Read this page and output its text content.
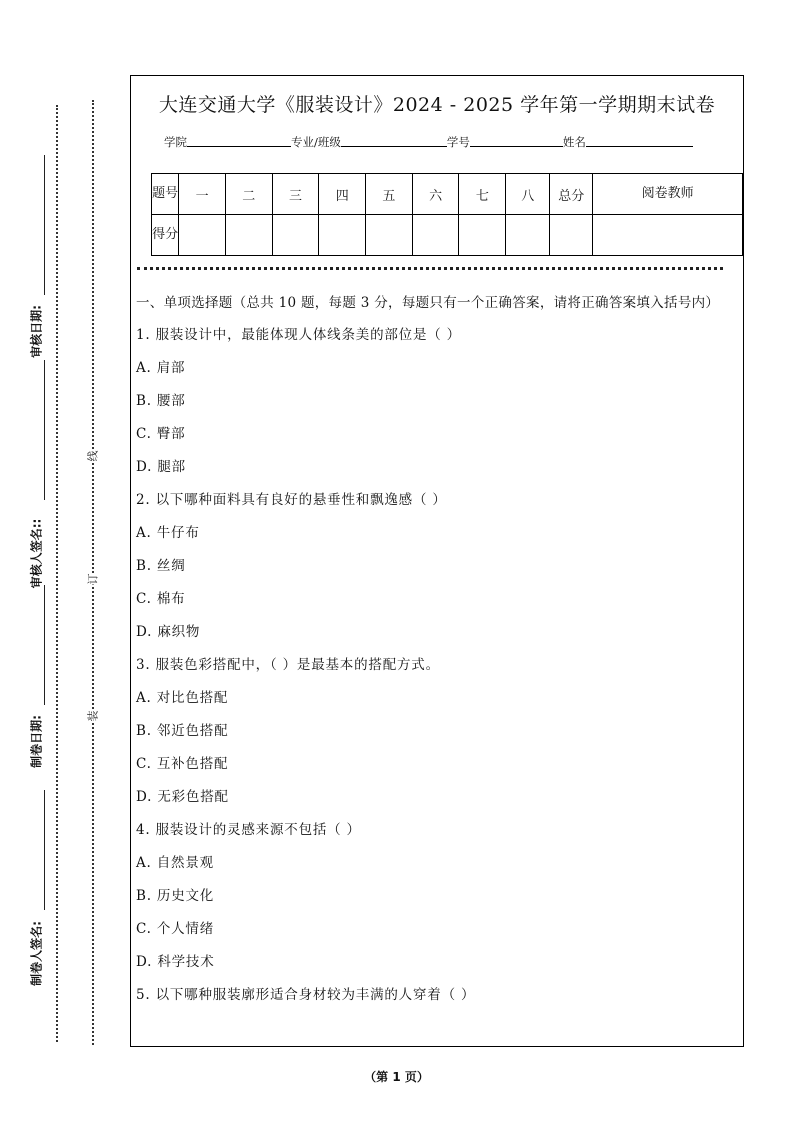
审核日期:
审核人签名::
制卷日期:
制卷人签名:
线
订
装
大连交通大学《服装设计》2024 - 2025 学年第一学期期末试卷
学院	专业/班级	学号	姓名
题号	一	二	三	四	五	六	七	八	总分	阅卷教师
得分										
一、单项选择题（总共 10 题，每题 3 分，每题只有一个正确答案，请将正确答案填入括号内）
1. 服装设计中，最能体现人体线条美的部位是（ ）
A. 肩部
B. 腰部
C. 臀部
D. 腿部
2. 以下哪种面料具有良好的悬垂性和飘逸感（ ）
A. 牛仔布
B. 丝绸
C. 棉布
D. 麻织物
3. 服装色彩搭配中，（ ）是最基本的搭配方式。
A. 对比色搭配
B. 邻近色搭配
C. 互补色搭配
D. 无彩色搭配
4. 服装设计的灵感来源不包括（ ）
A. 自然景观
B. 历史文化
C. 个人情绪
D. 科学技术
5. 以下哪种服装廓形适合身材较为丰满的人穿着（ ）
（第 1 页）
